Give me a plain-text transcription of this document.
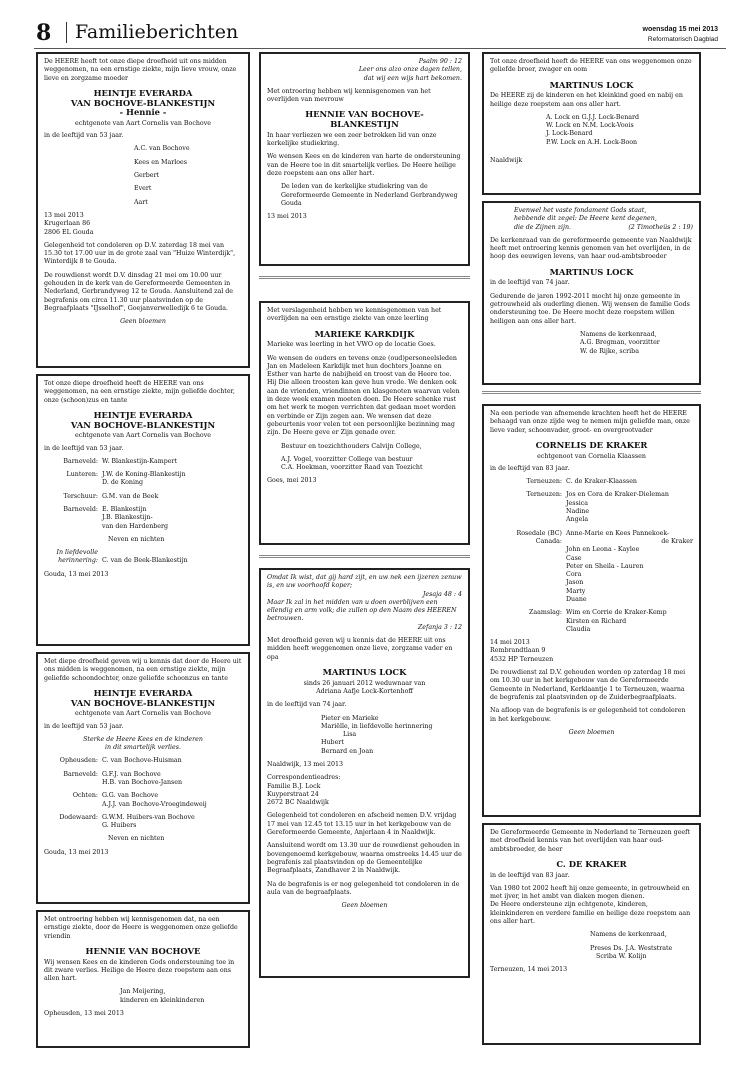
8	Familieberichten	woensdag 15 mei 2013
Reformatorisch Dagblad

De HEERE heeft tot onze diepe droefheid uit ons midden weggenomen, na een ernstige ziekte, mijn lieve vrouw, onze lieve en zorgzame moeder

HEINTJE EVERARDA
VAN BOCHOVE-BLANKESTIJN
- Hennie -
echtgenote van Aart Cornelis van Bochove

in de leeftijd van 53 jaar.

A.C. van Bochove

Kees en Marloes

Gerbert

Evert

Aart

13 mei 2013
Krugerlaan 86

2806 EL Gouda

Gelegenheid tot condoleren op D.V. zaterdag 18 mei van 15.30 tot 17.00 uur in de grote zaal van "Huize Winterdijk", Winterdijk 8 te Gouda.

De rouwdienst wordt D.V. dinsdag 21 mei om 10.00 uur gehouden in de kerk van de Gereformeerde Gemeenten in Nederland, Gerbrandyweg 12 te Gouda. Aansluitend zal de begrafenis om circa 11.30 uur plaatsvinden op de Begraafplaats "IJsselhof", Goejanverwelledijk 6 te Gouda.

Geen bloemen

Tot onze diepe droefheid heeft de HEERE van ons weggenomen, na een ernstige ziekte, mijn geliefde dochter, onze (schoon)zus en tante

HEINTJE EVERARDA
VAN BOCHOVE-BLANKESTIJN
echtgenote van Aart Cornelis van Bochove

in de leeftijd van 53 jaar.

Barneveld: W. Blankestijn-Kampert
Lunteren: J.W. de Koning-Blankestijn
D. de Koning
Terschuur: G.M. van de Beek
Barneveld: E. Blankestijn
J.B. Blankestijn-
van den Hardenberg

Neven en nichten

In liefdevolle
herinnering: C. van de Beek-Blankestijn
Gouda, 13 mei 2013

Met diepe droefheid geven wij u kennis dat door de Heere uit ons midden is weggenomen, na een ernstige ziekte, mijn geliefde schoondochter, onze geliefde schoonzus en tante

HEINTJE EVERARDA
VAN BOCHOVE-BLANKESTIJN
echtgenote van Aart Cornelis van Bochove

in de leeftijd van 53 jaar.

Sterke de Heere Kees en de kinderen
in dit smartelijk verlies.

Opheusden: C. van Bochove-Huisman
Barneveld: G.F.J. van Bochove
H.B. van Bochove-Jansen
Ochten: G.G. van Bochove
A.J.J. van Bochove-Vroegindeweij
Dodewaard: G.W.M. Huibers-van Bochove
G. Huibers

Neven en nichten

Gouda, 13 mei 2013

Met ontroering hebben wij kennisgenomen dat, na een ernstige ziekte, door de Heere is weggenomen onze geliefde vriendin

HENNIE VAN BOCHOVE

Wij wensen Kees en de kinderen Gods ondersteuning toe in dit zware verlies. Heilige de Heere deze roepstem aan ons allen hart.

Jan Meijering,

kinderen en kleinkinderen

Opheusden, 13 mei 2013
Psalm 90 : 12
Leer ons alzo onze dagen tellen,

dat wij een wijs hart bekomen.

Met ontroering hebben wij kennisgenomen van het overlijden van mevrouw

HENNIE VAN BOCHOVE-
BLANKESTIJN

In haar verliezen we een zeer betrokken lid van onze kerkelijke studiekring.

We wensen Kees en de kinderen van harte de ondersteuning van de Heere toe in dit smartelijk verlies. De Heere heilige deze roepstem aan ons aller hart.

De leden van de kerkelijke studiekring van de Gereformeerde Gemeente in Nederland Gerbrandyweg Gouda

13 mei 2013

Met verslagenheid hebben we kennisgenomen van het overlijden na een ernstige ziekte van onze leerling

MARIEKE KARKDIJK

Marieke was leerling in het VWO op de locatie Goes.

We wensen de ouders en tevens onze (oud)personeelsleden Jan en Madeleen Karkdijk met hun dochters Joanne en Esther van harte de nabijheid en troost van de Heere toe. Hij Die alleen troosten kan geve hun vrede. We denken ook aan de vrienden, vriendinnen en klasgenoten waarvan velen in deze week examen moeten doen. De Heere schenke rust om het werk te mogen verrichten dat gedaan moet worden en verbinde er Zijn zegen aan. We wensen dat deze gebeurtenis voor velen tot een persoonlijke bezinning mag zijn. De Heere geve er Zijn genade over.

Bestuur en toezichthouders Calvijn College,

A.J. Vogel, voorzitter College van bestuur

C.A. Hoekman, voorzitter Raad van Toezicht

Goes, mei 2013
Omdat Ik wist, dat gij hard zijt, en uw nek een ijzeren zenuw is, en uw voorhoofd koper;
Jesaja 48 : 4
Maar Ik zal in het midden van u doen overblijven een ellendig en arm volk; die zullen op den Naam des HEEREN betrouwen.

Zefanja 3 : 12

Met droefheid geven wij u kennis dat de HEERE uit ons midden heeft weggenomen onze lieve, zorgzame vader en opa

MARTINUS LOCK
sinds 26 januari 2012 weduwnaar van

Adriana Aafje Lock-Kortenhoff

in de leeftijd van 74 jaar.

Pieter en Marieke
Mariëlle, in liefdevolle herinnering
Lisa
Hubert
Bernard en Joan

Naaldwijk, 13 mei 2013

Correspondentieadres:
Familie B.J. Lock
Kuyperstraat 24

2672 BC Naaldwijk

Gelegenheid tot condoleren en afscheid nemen D.V. vrijdag 17 mei van 12.45 tot 13.15 uur in het kerkgebouw van de Gereformeerde Gemeente, Anjerlaan 4 in Naaldwijk.

Aansluitend wordt om 13.30 uur de rouwdienst gehouden in bovengenoemd kerkgebouw, waarna omstreeks 14.45 uur de begrafenis zal plaatsvinden op de Gemeentelijke Begraafplaats, Zandhaver 2 in Naaldwijk.

Na de begrafenis is er nog gelegenheid tot condoleren in de aula van de begraafplaats.

Geen bloemen

Tot onze droefheid heeft de HEERE van ons weggenomen onze geliefde broer, zwager en oom

MARTINUS LOCK

De HEERE zij de kinderen en het kleinkind goed en nabij en heilige deze roepstem aan ons aller hart.

A. Lock en G.J.J. Lock-Benard
W. Lock en N.M. Lock-Voois
J. Lock-Benard
P.W. Lock en A.H. Lock-Boon
Naaldwijk
Evenwel het vaste fondament Gods staat,
hebbende dit zegel: De Heere kent degenen,

die de Zijnen zijn.	(2 Timotheüs 2 : 19)

De kerkenraad van de gereformeerde gemeente van Naaldwijk heeft met ontroering kennis genomen van het overlijden, in de hoop des eeuwigen levens, van haar oud-ambtsbroeder

MARTINUS LOCK

in de leeftijd van 74 jaar.

Gedurende de jaren 1992-2011 mocht hij onze gemeente in getrouwheid als ouderling dienen. Wij wensen de familie Gods ondersteuning toe. De Heere mocht deze roepstem willen heiligen aan ons aller hart.

Namens de kerkenraad,
A.G. Bregman, voorzitter
W. de Rijke, scriba

Na een periode van afnemende krachten heeft het de HEERE behaagd van onze zijde weg te nemen mijn geliefde man, onze lieve vader, schoonvader, groot- en overgrootvader

CORNELIS DE KRAKER
echtgenoot van Cornelia Klaassen

in de leeftijd van 83 jaar.

Terneuzen: C. de Kraker-Klaassen
Terneuzen: Jos en Cora de Kraker-Dieleman
Jessica
Nadine
Angela
Rosedale (BC) Canada:
Anne-Marie en Kees Pannekoek-
de Kraker
John en Leona - Kaylee
Case
Peter en Sheila - Lauren
Cora
Jason
Marty
Duane
Zaamslag: Wim en Corrie de Kraker-Kemp
Kirsten en Richard
Claudia
14 mei 2013
Rembrandtlaan 9

4532 HP Terneuzen

De rouwdienst zal D.V. gehouden worden op zaterdag 18 mei om 10.30 uur in het kerkgebouw van de Gereformeerde Gemeente in Nederland, Kerklaantje 1 te Terneuzen, waarna de begrafenis zal plaatsvinden op de Zuiderbegraafplaats.

Na afloop van de begrafenis is er gelegenheid tot condoleren in het kerkgebouw.

Geen bloemen

De Gereformeerde Gemeente in Nederland te Terneuzen geeft met droefheid kennis van het overlijden van haar oud-ambtsbroeder, de heer

C. DE KRAKER

in de leeftijd van 83 jaar.

Van 1980 tot 2002 heeft hij onze gemeente, in getrouwheid en met ijver, in het ambt van diaken mogen dienen.

De Heere ondersteune zijn echtgenote, kinderen, kleinkinderen en verdere familie en heilige deze roepstem aan ons aller hart.

Namens de kerkenraad,

Preses Ds. J.A. Weststrate

Scriba W. Kolijn

Terneuzen, 14 mei 2013
